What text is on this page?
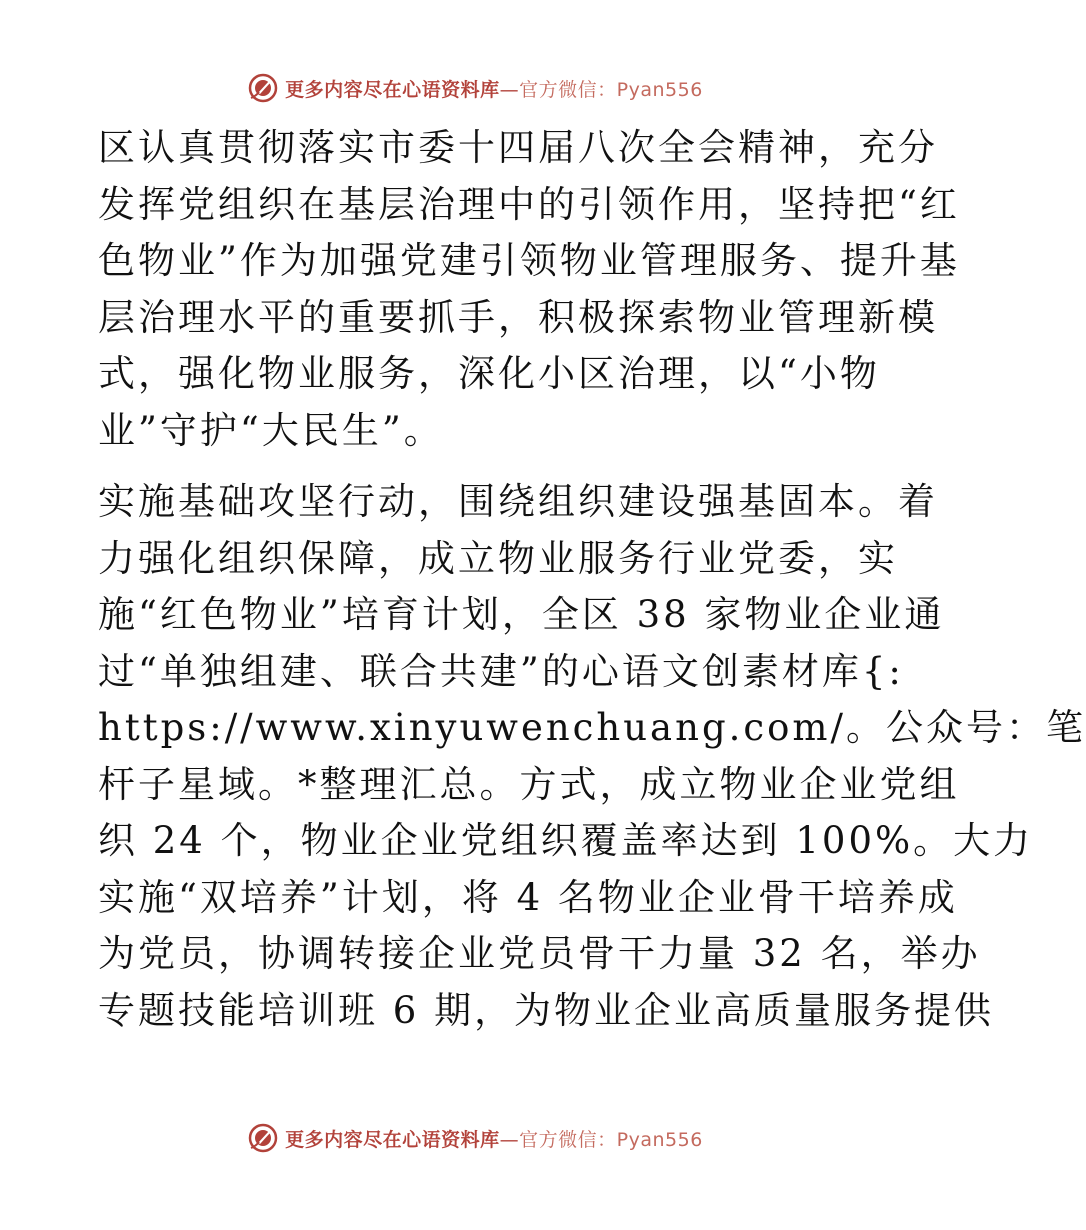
更多内容尽在心语资料库—官方微信：Pyan556
区认真贯彻落实市委十四届八次全会精神，充分
发挥党组织在基层治理中的引领作用，坚持把“红
色物业”作为加强党建引领物业管理服务、提升基
层治理水平的重要抓手，积极探索物业管理新模
式，强化物业服务，深化小区治理，以“小物
业”守护“大民生”。
实施基础攻坚行动，围绕组织建设强基固本。着
力强化组织保障，成立物业服务行业党委，实
施“红色物业”培育计划，全区 38 家物业企业通
过“单独组建、联合共建”的心语文创素材库{:
https://www.xinyuwenchuang.com/。公众号：笔
杆子星域。*整理汇总。方式，成立物业企业党组
织 24 个，物业企业党组织覆盖率达到 100%。大力
实施“双培养”计划，将 4 名物业企业骨干培养成
为党员，协调转接企业党员骨干力量 32 名，举办
专题技能培训班 6 期，为物业企业高质量服务提供
更多内容尽在心语资料库—官方微信：Pyan556
